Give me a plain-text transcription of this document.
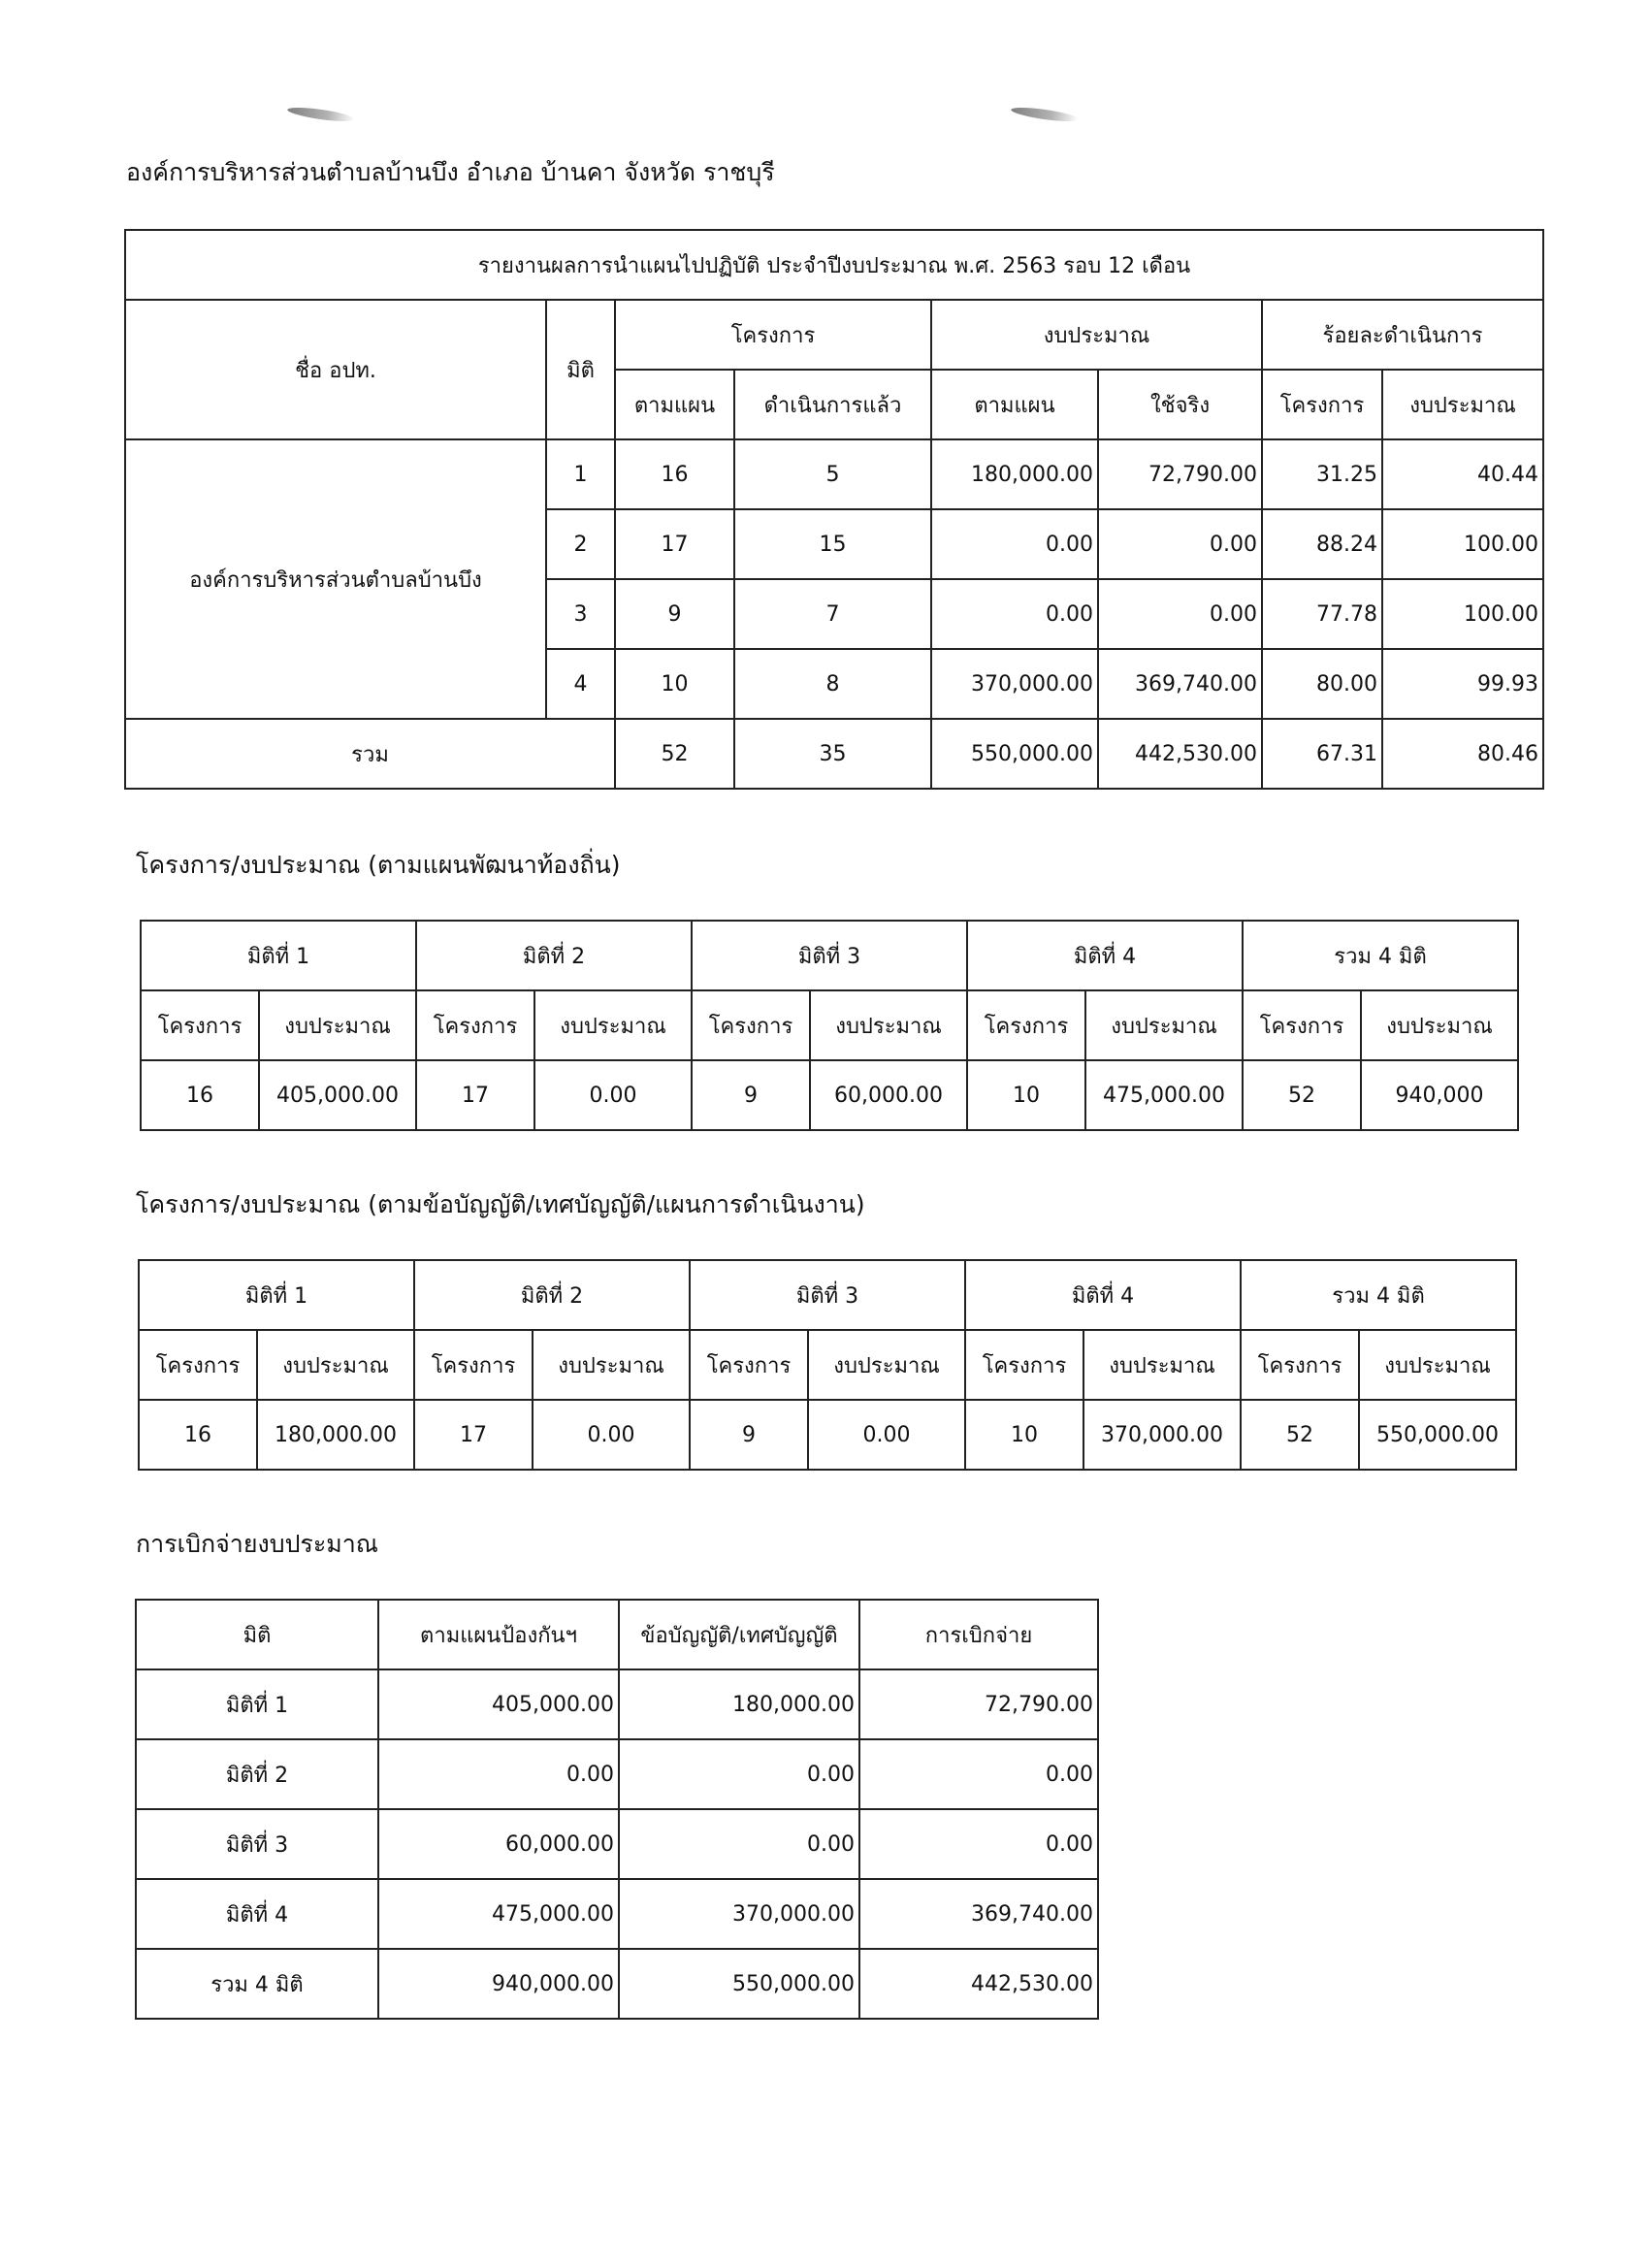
องค์การบริหารส่วนตำบลบ้านบึง อำเภอ บ้านคา จังหวัด ราชบุรี
รายงานผลการนำแผนไปปฏิบัติ ประจำปีงบประมาณ พ.ศ. 2563 รอบ 12 เดือน							
ชื่อ อปท.	มิติ	โครงการ		งบประมาณ		ร้อยละดำเนินการ	
		ตามแผน	ดำเนินการแล้ว	ตามแผน	ใช้จริง	โครงการ	งบประมาณ
องค์การบริหารส่วนตำบลบ้านบึง	1	16	5	180,000.00	72,790.00	31.25	40.44
	2	17	15	0.00	0.00	88.24	100.00
	3	9	7	0.00	0.00	77.78	100.00
	4	10	8	370,000.00	369,740.00	80.00	99.93
รวม		52	35	550,000.00	442,530.00	67.31	80.46
โครงการ/งบประมาณ (ตามแผนพัฒนาท้องถิ่น)
มิติที่ 1		มิติที่ 2		มิติที่ 3		มิติที่ 4		รวม 4 มิติ	
โครงการ	งบประมาณ	โครงการ	งบประมาณ	โครงการ	งบประมาณ	โครงการ	งบประมาณ	โครงการ	งบประมาณ
16	405,000.00	17	0.00	9	60,000.00	10	475,000.00	52	940,000
โครงการ/งบประมาณ (ตามข้อบัญญัติ/เทศบัญญัติ/แผนการดำเนินงาน)
มิติที่ 1		มิติที่ 2		มิติที่ 3		มิติที่ 4		รวม 4 มิติ	
โครงการ	งบประมาณ	โครงการ	งบประมาณ	โครงการ	งบประมาณ	โครงการ	งบประมาณ	โครงการ	งบประมาณ
16	180,000.00	17	0.00	9	0.00	10	370,000.00	52	550,000.00
การเบิกจ่ายงบประมาณ
มิติ	ตามแผนป้องกันฯ	ข้อบัญญัติ/เทศบัญญัติ	การเบิกจ่าย
มิติที่ 1	405,000.00	180,000.00	72,790.00
มิติที่ 2	0.00	0.00	0.00
มิติที่ 3	60,000.00	0.00	0.00
มิติที่ 4	475,000.00	370,000.00	369,740.00
รวม 4 มิติ	940,000.00	550,000.00	442,530.00
